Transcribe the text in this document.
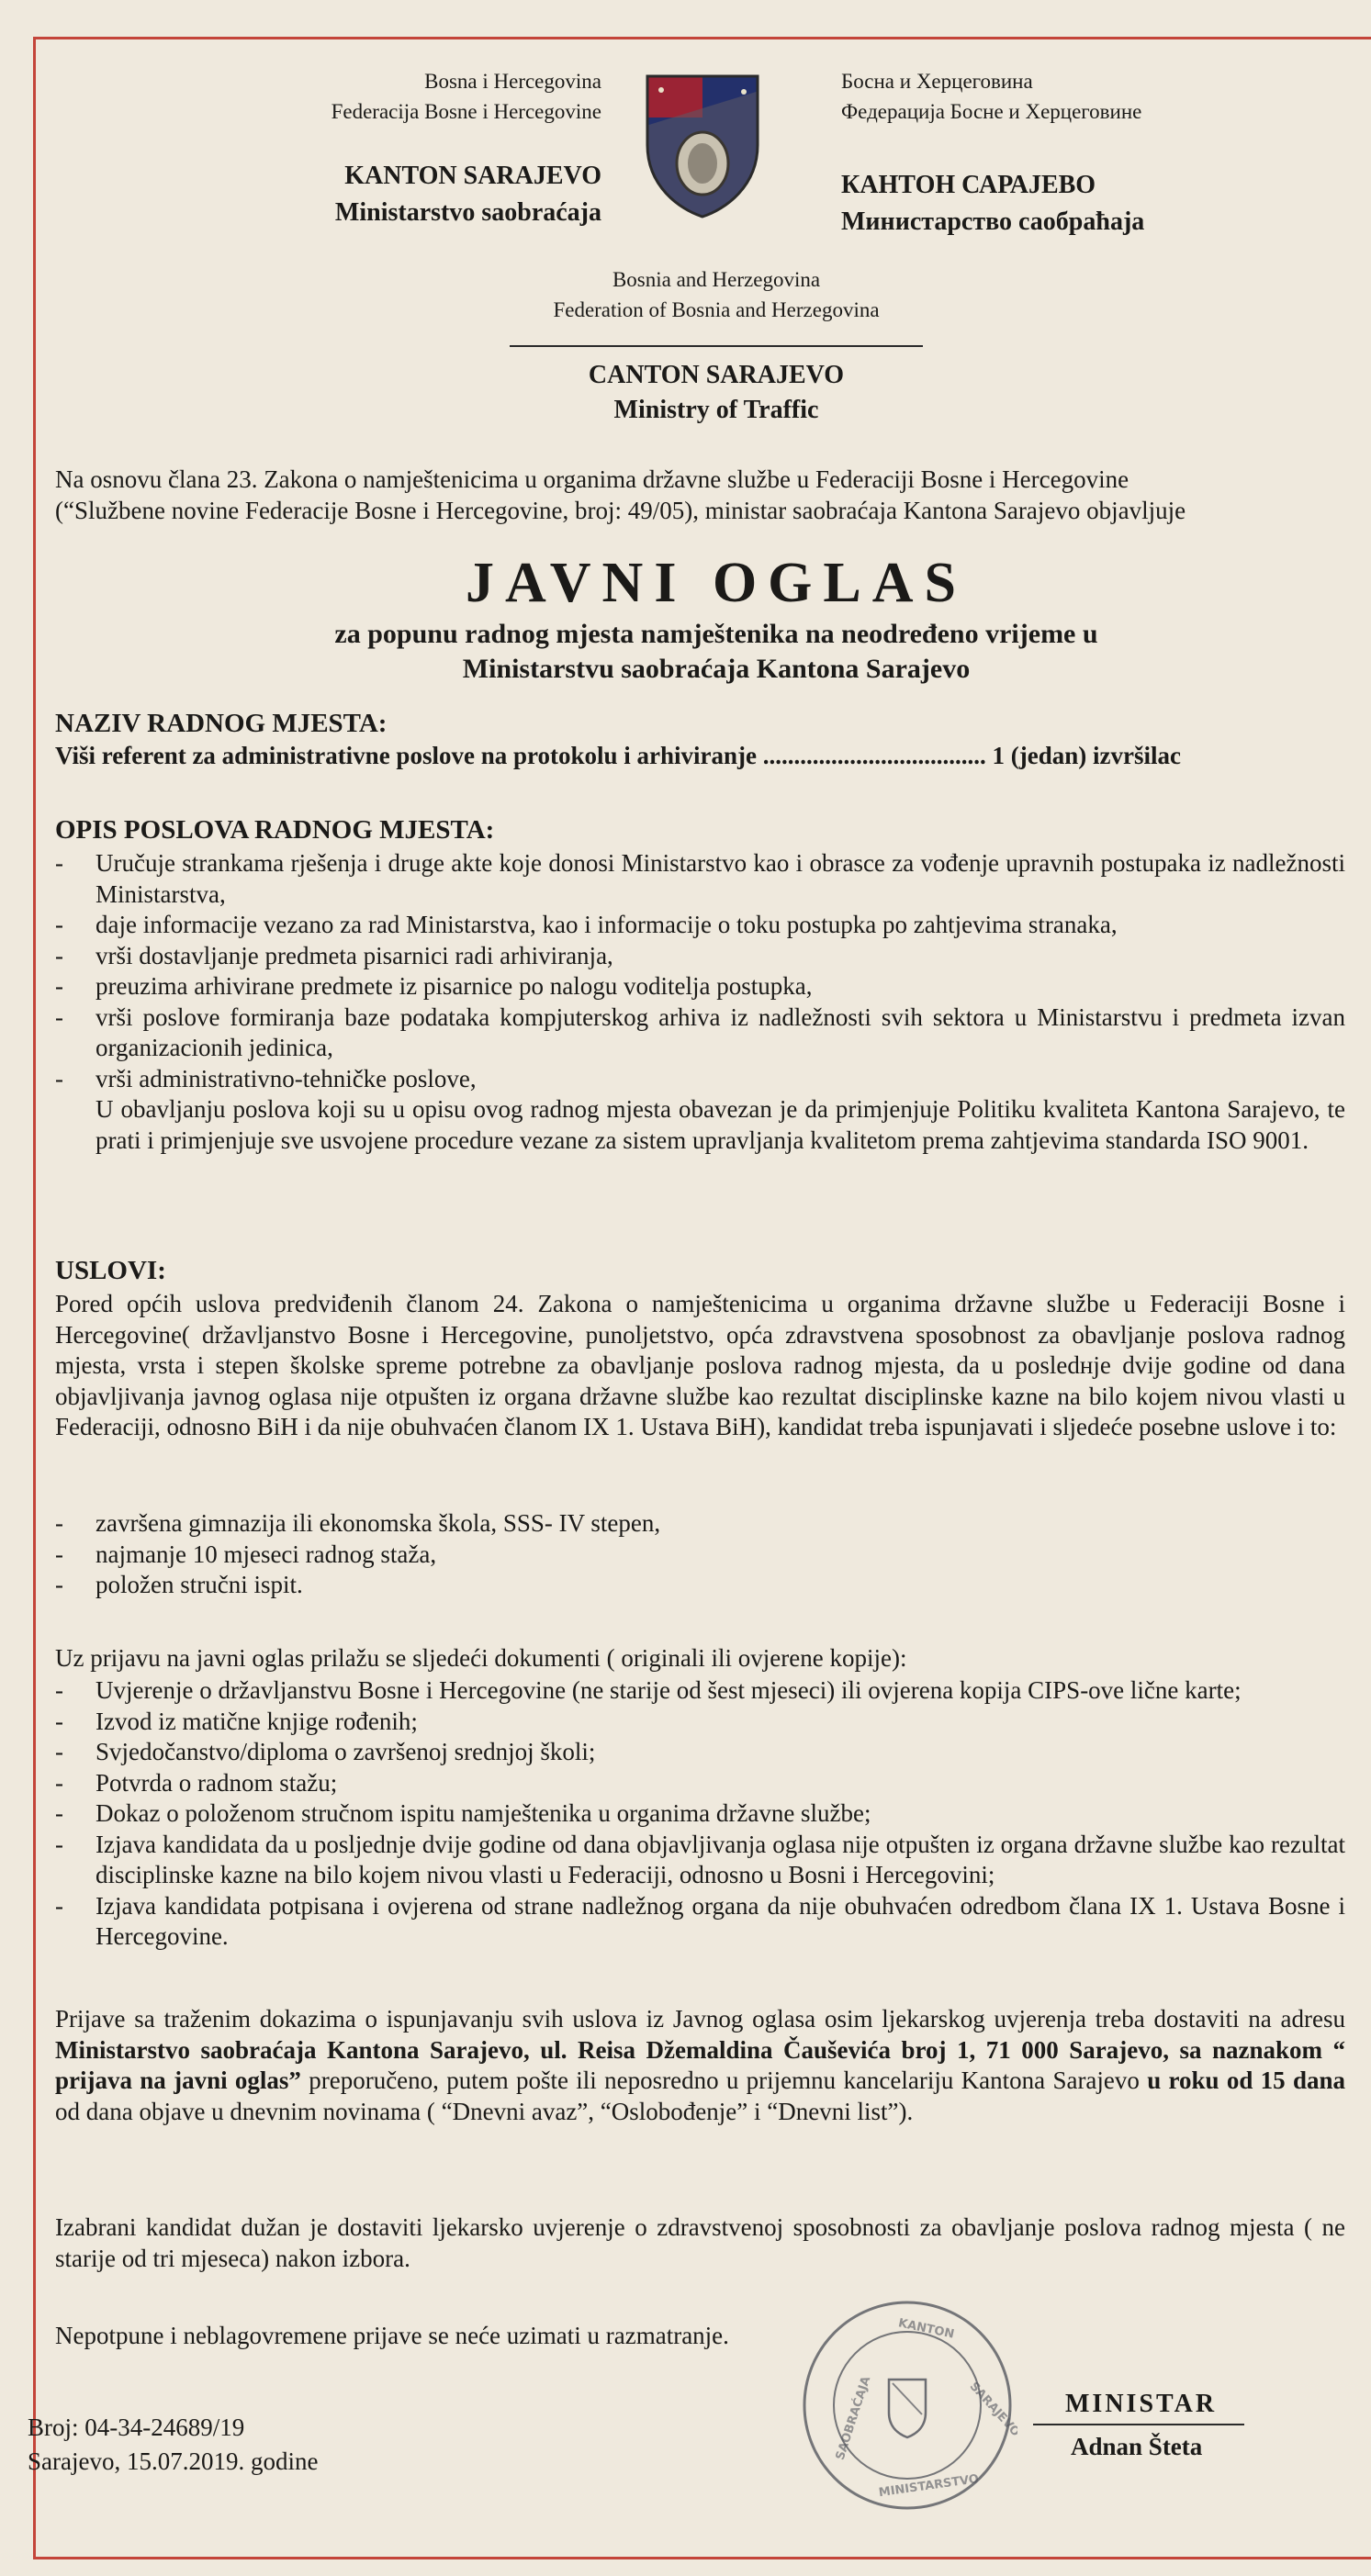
Bosna i Hercegovina
Federacija Bosne i Hercegovine
KANTON SARAJEVO
Ministarstvo saobraćaja
Босна и Херцеговина
Федерација Босне и Херцеговине
КАНТОН САРАЈЕВО
Министарство саобраћаја
Bosnia and Herzegovina
Federation of Bosnia and Herzegovina
CANTON SARAJEVO
Ministry of Traffic
Na osnovu člana 23. Zakona o namještenicima u organima državne službe u Federaciji Bosne i Hercegovine
(“Službene novine Federacije Bosne i Hercegovine, broj: 49/05), ministar saobraćaja Kantona Sarajevo objavljuje
JAVNI OGLAS
za popunu radnog mjesta namještenika na neodređeno vrijeme u
Ministarstvu saobraćaja Kantona Sarajevo
NAZIV RADNOG MJESTA:
Viši referent za administrativne poslove na protokolu i arhiviranje .................................... 1 (jedan) izvršilac
OPIS POSLOVA RADNOG MJESTA:
- Uručuje strankama rješenja i druge akte koje donosi Ministarstvo kao i obrasce za vođenje upravnih postupaka iz nadležnosti Ministarstva,
- daje informacije vezano za rad Ministarstva, kao i informacije o toku postupka po zahtjevima stranaka,
- vrši dostavljanje predmeta pisarnici radi arhiviranja,
- preuzima arhivirane predmete iz pisarnice po nalogu voditelja postupka,
- vrši poslove formiranja baze podataka kompjuterskog arhiva iz nadležnosti svih sektora u Ministarstvu i predmeta izvan organizacionih jedinica,
- vrši administrativno-tehničke poslove,
U obavljanju poslova koji su u opisu ovog radnog mjesta obavezan je da primjenjuje Politiku kvaliteta Kantona Sarajevo, te prati i primjenjuje sve usvojene procedure vezane za sistem upravljanja kvalitetom prema zahtjevima standarda ISO 9001.
USLOVI:
Pored općih uslova predviđenih članom 24. Zakona o namještenicima u organima državne službe u Federaciji Bosne i Hercegovine( državljanstvo Bosne i Hercegovine, punoljetstvo, opća zdravstvena sposobnost za obavljanje poslova radnog mjesta, vrsta i stepen školske spreme potrebne za obavljanje poslova radnog mjesta, da u posledнje dvije godine od dana objavljivanja javnog oglasa nije otpušten iz organa državne službe kao rezultat disciplinske kazne na bilo kojem nivou vlasti u Federaciji, odnosno BiH i da nije obuhvaćen članom IX 1. Ustava BiH), kandidat treba ispunjavati i sljedeće posebne uslove i to:
- završena gimnazija ili ekonomska škola, SSS- IV stepen,
- najmanje 10 mjeseci radnog staža,
- položen stručni ispit.
Uz prijavu na javni oglas prilažu se sljedeći dokumenti ( originali ili ovjerene kopije):
- Uvjerenje o državljanstvu Bosne i Hercegovine (ne starije od šest mjeseci) ili ovjerena kopija CIPS-ove lične karte;
- Izvod iz matične knjige rođenih;
- Svjedočanstvo/diploma o završenoj srednjoj školi;
- Potvrda o radnom stažu;
- Dokaz o položenom stručnom ispitu namještenika u organima državne službe;
- Izjava kandidata da u posljednje dvije godine od dana objavljivanja oglasa nije otpušten iz organa državne službe kao rezultat disciplinske kazne na bilo kojem nivou vlasti u Federaciji, odnosno u Bosni i Hercegovini;
- Izjava kandidata potpisana i ovjerena od strane nadležnog organa da nije obuhvaćen odredbom člana IX 1. Ustava Bosne i Hercegovine.
Prijave sa traženim dokazima o ispunjavanju svih uslova iz Javnog oglasa osim ljekarskog uvjerenja treba dostaviti na adresu Ministarstvo saobraćaja Kantona Sarajevo, ul. Reisa Džemaldina Čauševića broj 1, 71 000 Sarajevo, sa naznakom “ prijava na javni oglas” preporučeno, putem pošte ili neposredno u prijemnu kancelariju Kantona Sarajevo u roku od 15 dana od dana objave u dnevnim novinama ( “Dnevni avaz”, “Oslobođenje” i “Dnevni list”).
Izabrani kandidat dužan je dostaviti ljekarsko uvjerenje o zdravstvenoj sposobnosti za obavljanje poslova radnog mjesta ( ne starije od tri mjeseca) nakon izbora.
Nepotpune i neblagovremene prijave se neće uzimati u razmatranje.	KANTON
SARAJEVO
MINISTARSTVO
SAOBRAĆAJA
Broj: 04-34-24689/19
Sarajevo, 15.07.2019. godine
MINISTAR
Adnan Šteta
